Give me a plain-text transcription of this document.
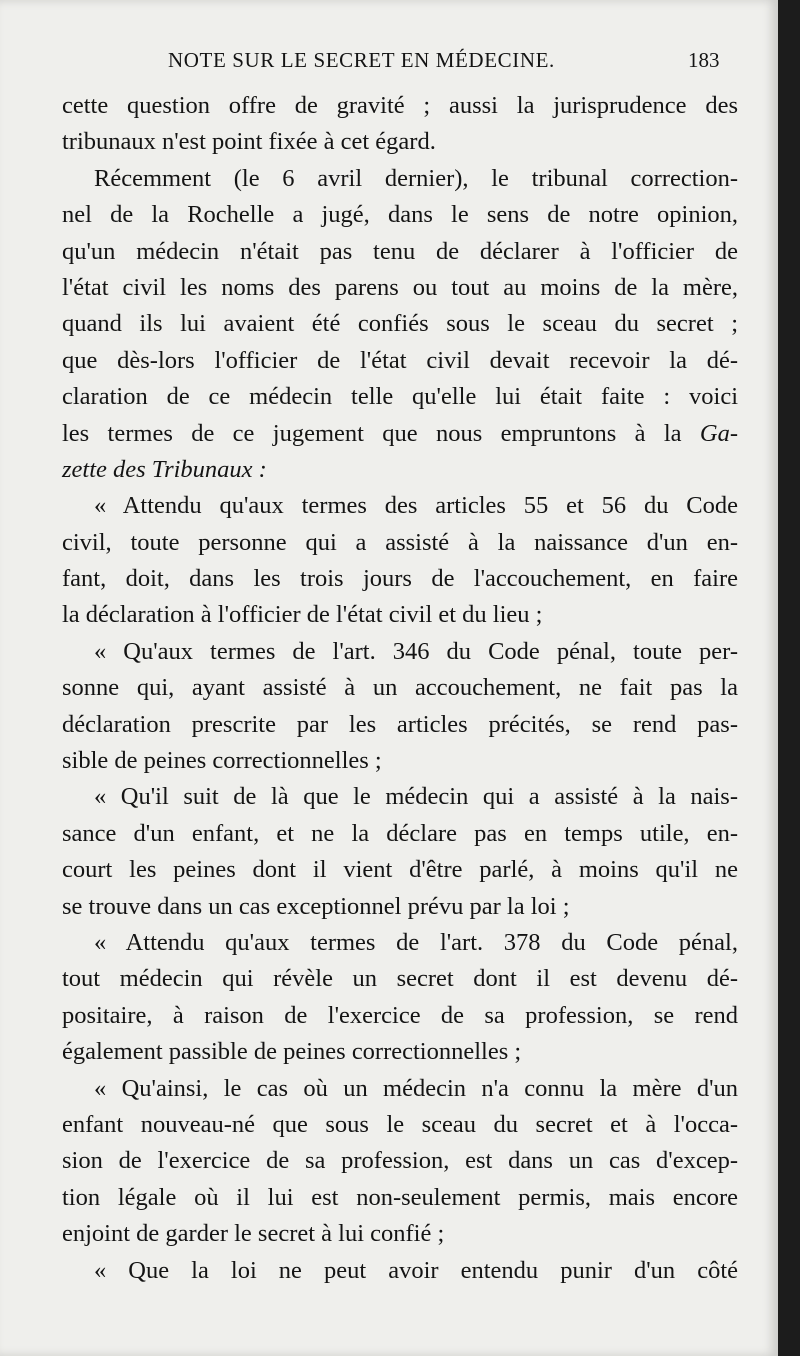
NOTE SUR LE SECRET EN MÉDECINE.	183
cette question offre de gravité ; aussi la jurisprudence des
tribunaux n'est point fixée à cet égard.
Récemment (le 6 avril dernier), le tribunal correction-
nel de la Rochelle a jugé, dans le sens de notre opinion,
qu'un médecin n'était pas tenu de déclarer à l'officier de
l'état civil les noms des parens ou tout au moins de la mère,
quand ils lui avaient été confiés sous le sceau du secret ;
que dès-lors l'officier de l'état civil devait recevoir la dé-
claration de ce médecin telle qu'elle lui était faite : voici
les termes de ce jugement que nous empruntons à la Ga-
zette des Tribunaux :
« Attendu qu'aux termes des articles 55 et 56 du Code
civil, toute personne qui a assisté à la naissance d'un en-
fant, doit, dans les trois jours de l'accouchement, en faire
la déclaration à l'officier de l'état civil et du lieu ;
« Qu'aux termes de l'art. 346 du Code pénal, toute per-
sonne qui, ayant assisté à un accouchement, ne fait pas la
déclaration prescrite par les articles précités, se rend pas-
sible de peines correctionnelles ;
« Qu'il suit de là que le médecin qui a assisté à la nais-
sance d'un enfant, et ne la déclare pas en temps utile, en-
court les peines dont il vient d'être parlé, à moins qu'il ne
se trouve dans un cas exceptionnel prévu par la loi ;
« Attendu qu'aux termes de l'art. 378 du Code pénal,
tout médecin qui révèle un secret dont il est devenu dé-
positaire, à raison de l'exercice de sa profession, se rend
également passible de peines correctionnelles ;
« Qu'ainsi, le cas où un médecin n'a connu la mère d'un
enfant nouveau-né que sous le sceau du secret et à l'occa-
sion de l'exercice de sa profession, est dans un cas d'excep-
tion légale où il lui est non-seulement permis, mais encore
enjoint de garder le secret à lui confié ;
« Que la loi ne peut avoir entendu punir d'un côté
